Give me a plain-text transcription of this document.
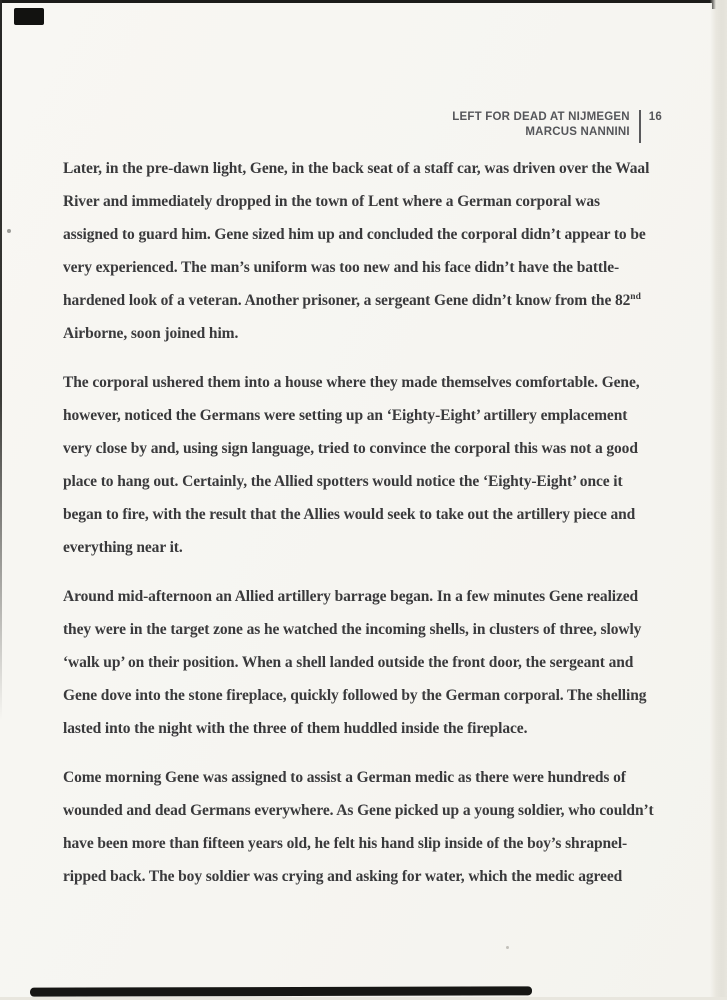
LEFT FOR DEAD AT NIJMEGEN
MARCUS NANNINI
16
Later, in the pre-dawn light, Gene, in the back seat of a staff car, was driven over the Waal
River and immediately dropped in the town of Lent where a German corporal was
assigned to guard him. Gene sized him up and concluded the corporal didn’t appear to be
very experienced. The man’s uniform was too new and his face didn’t have the battle-
hardened look of a veteran. Another prisoner, a sergeant Gene didn’t know from the 82nd
Airborne, soon joined him.
The corporal ushered them into a house where they made themselves comfortable. Gene,
however, noticed the Germans were setting up an ‘Eighty-Eight’ artillery emplacement
very close by and, using sign language, tried to convince the corporal this was not a good
place to hang out. Certainly, the Allied spotters would notice the ‘Eighty-Eight’ once it
began to fire, with the result that the Allies would seek to take out the artillery piece and
everything near it.
Around mid-afternoon an Allied artillery barrage began. In a few minutes Gene realized
they were in the target zone as he watched the incoming shells, in clusters of three, slowly
‘walk up’ on their position. When a shell landed outside the front door, the sergeant and
Gene dove into the stone fireplace, quickly followed by the German corporal. The shelling
lasted into the night with the three of them huddled inside the fireplace.
Come morning Gene was assigned to assist a German medic as there were hundreds of
wounded and dead Germans everywhere. As Gene picked up a young soldier, who couldn’t
have been more than fifteen years old, he felt his hand slip inside of the boy’s shrapnel-
ripped back. The boy soldier was crying and asking for water, which the medic agreed
